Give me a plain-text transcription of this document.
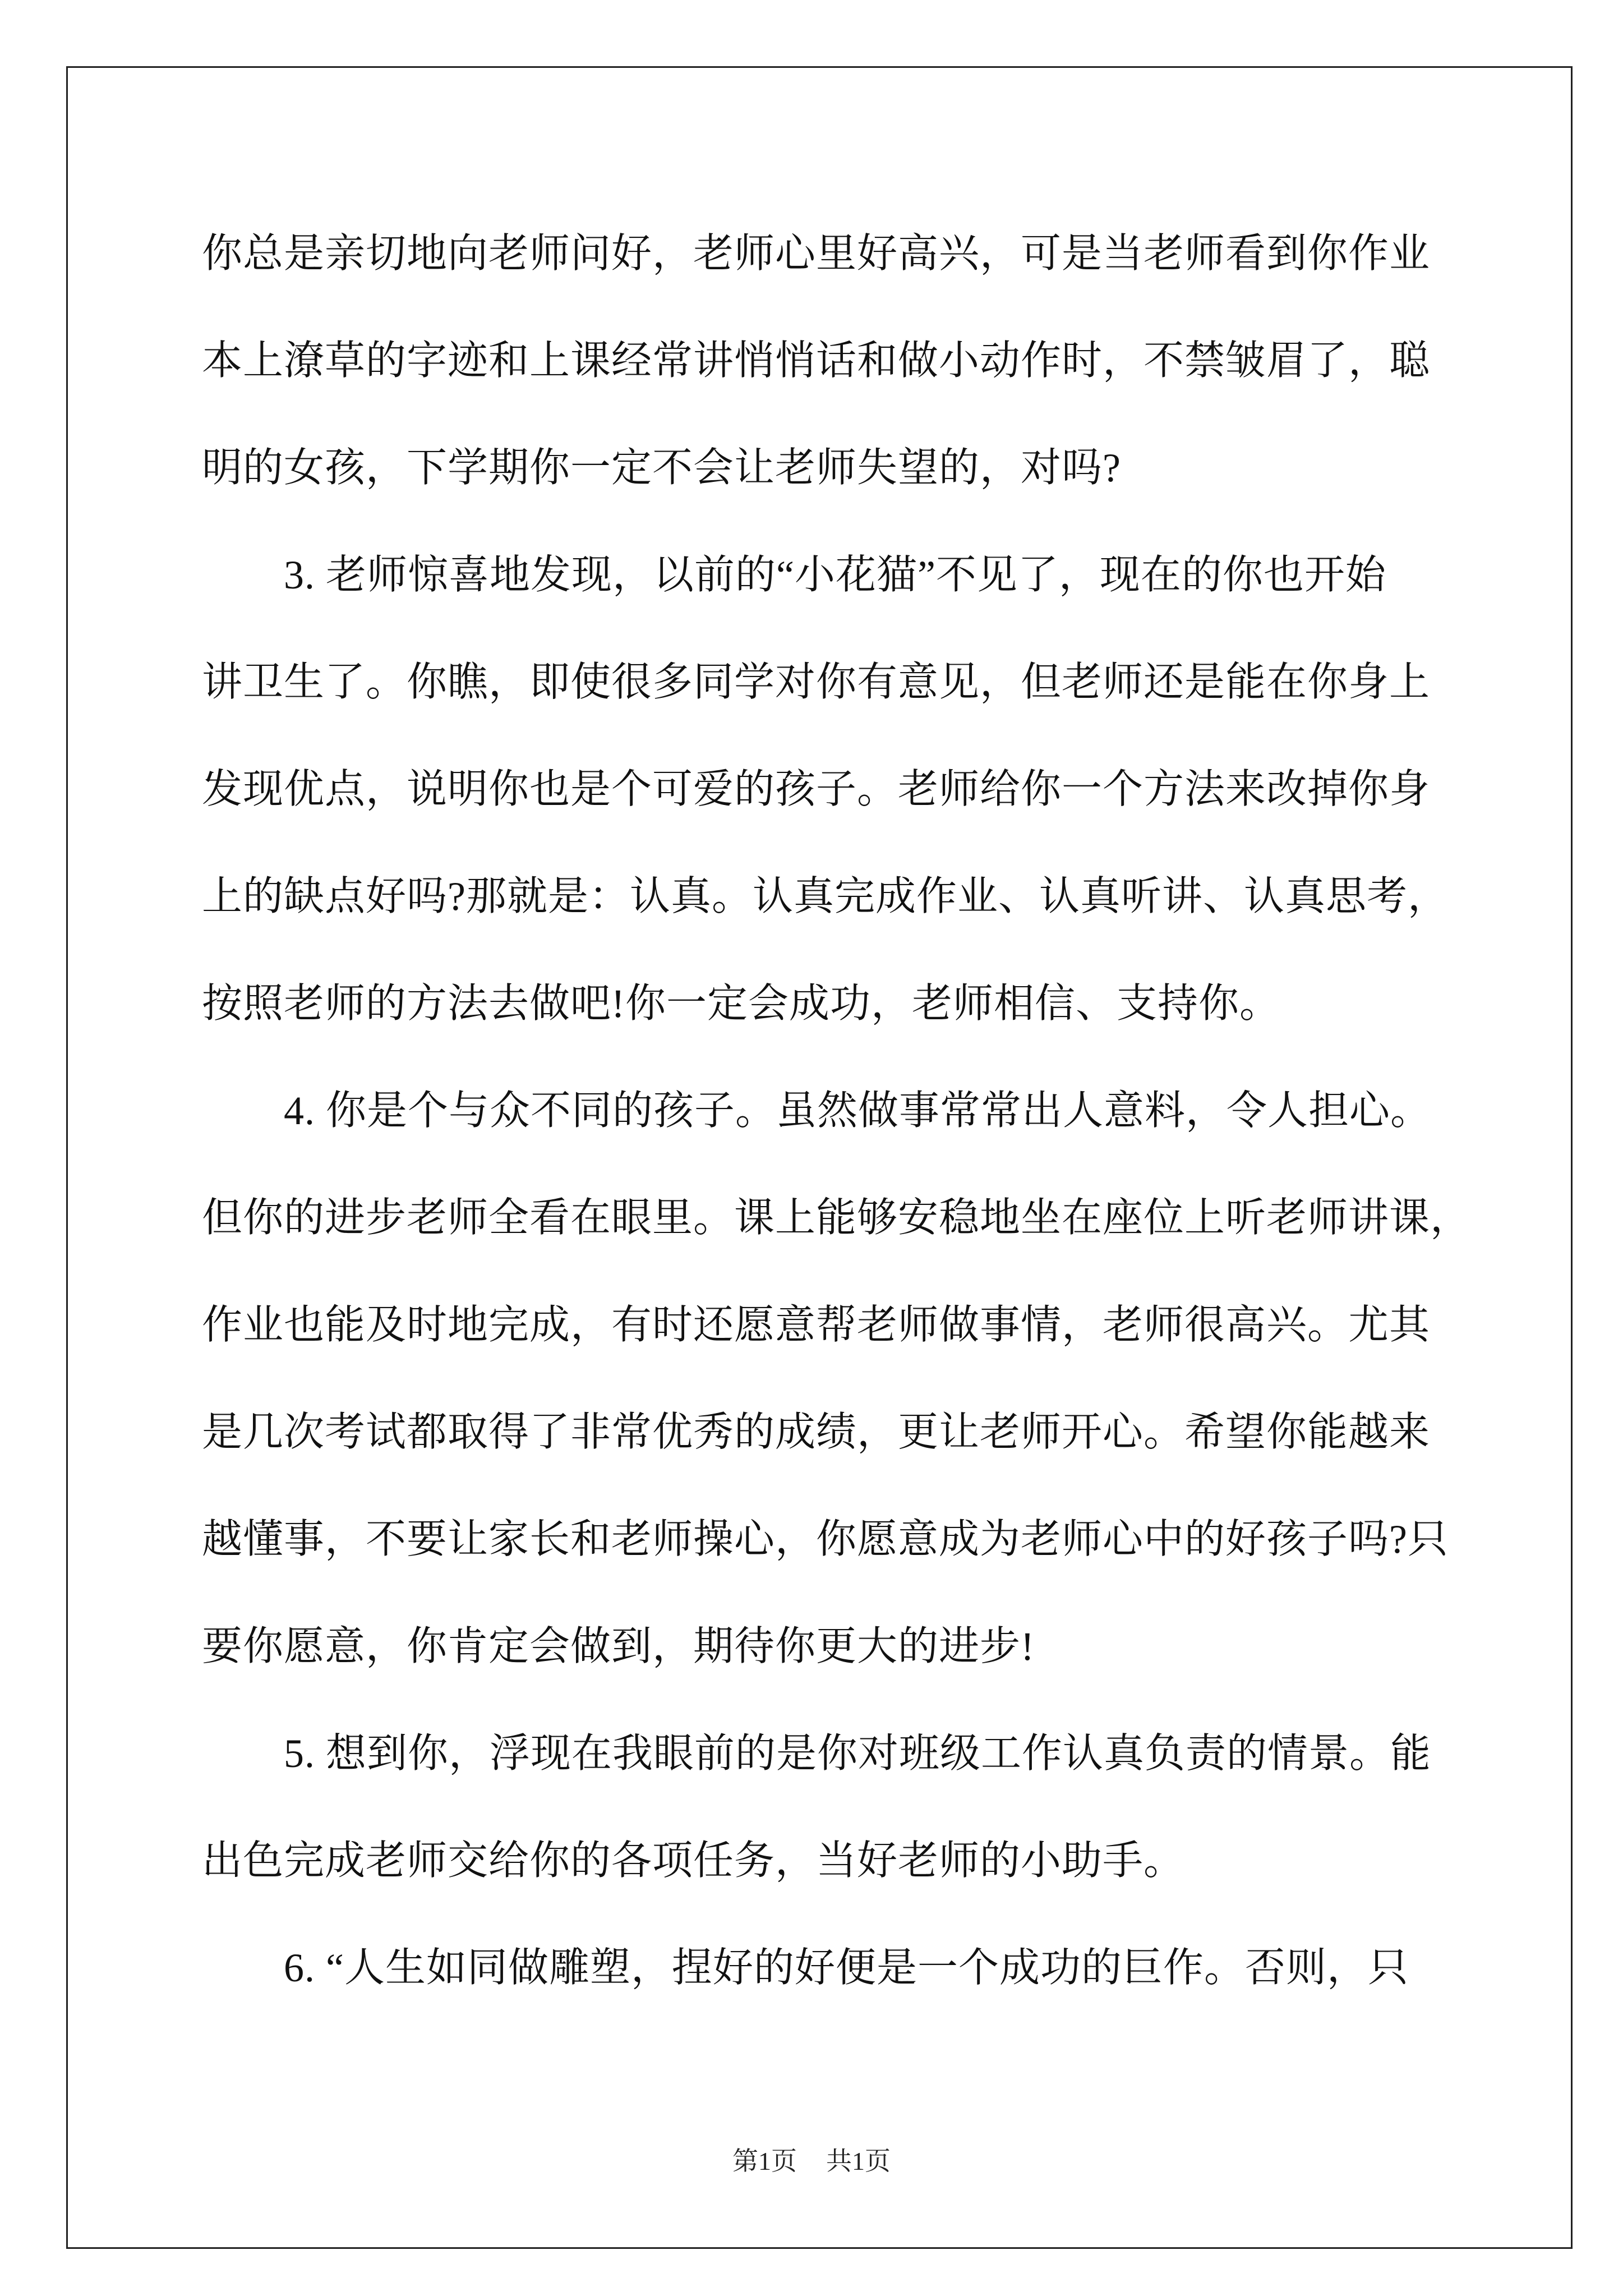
你总是亲切地向老师问好，老师心里好高兴，可是当老师看到你作业
本上潦草的字迹和上课经常讲悄悄话和做小动作时，不禁皱眉了，聪
明的女孩，下学期你一定不会让老师失望的，对吗?
3. 老师惊喜地发现，以前的“小花猫”不见了，现在的你也开始
讲卫生了。你瞧，即使很多同学对你有意见，但老师还是能在你身上
发现优点，说明你也是个可爱的孩子。老师给你一个方法来改掉你身
上的缺点好吗?那就是：认真。认真完成作业、认真听讲、认真思考，
按照老师的方法去做吧!你一定会成功，老师相信、支持你。
4. 你是个与众不同的孩子。虽然做事常常出人意料，令人担心。
但你的进步老师全看在眼里。课上能够安稳地坐在座位上听老师讲课，
作业也能及时地完成，有时还愿意帮老师做事情，老师很高兴。尤其
是几次考试都取得了非常优秀的成绩，更让老师开心。希望你能越来
越懂事，不要让家长和老师操心，你愿意成为老师心中的好孩子吗?只
要你愿意，你肯定会做到，期待你更大的进步!
5. 想到你，浮现在我眼前的是你对班级工作认真负责的情景。能
出色完成老师交给你的各项任务，当好老师的小助手。
6. “人生如同做雕塑，捏好的好便是一个成功的巨作。否则，只
第1页 共1页
